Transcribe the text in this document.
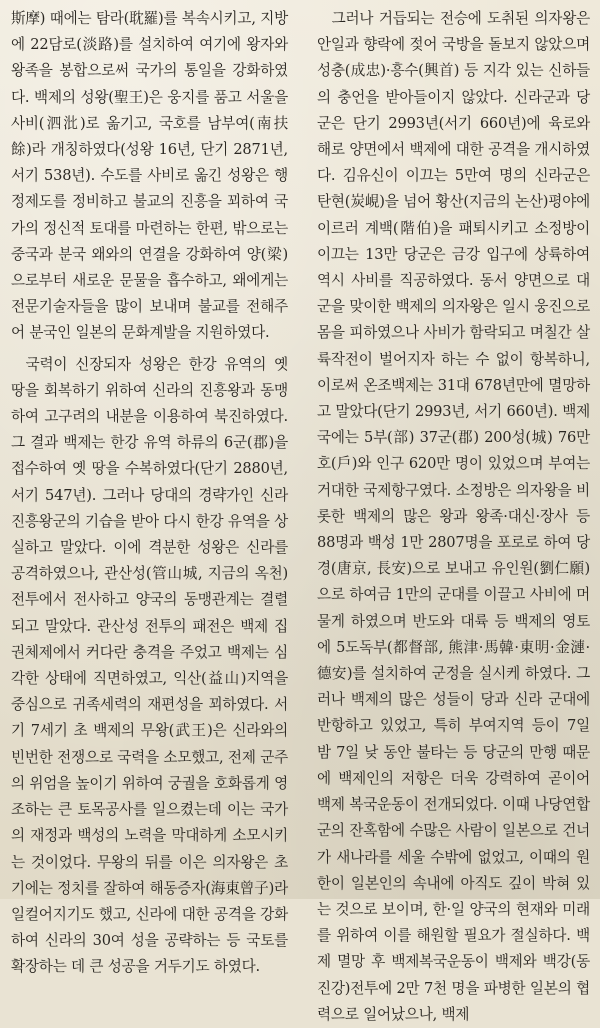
斯摩) 때에는 탐라(耽羅)를 복속시키고, 지방에 22담로(淡路)를 설치하여 여기에 왕자와 왕족을 봉합으로써 국가의 통일을 강화하였다. 백제의 성왕(聖王)은 웅지를 품고 서울을 사비(泗沘)로 옮기고, 국호를 남부여(南扶餘)라 개칭하였다(성왕 16년, 단기 2871년, 서기 538년). 수도를 사비로 옮긴 성왕은 행정제도를 정비하고 불교의 진흥을 꾀하여 국가의 정신적 토대를 마련하는 한편, 밖으로는 중국과 분국 왜와의 연결을 강화하여 양(梁)으로부터 새로운 문물을 흡수하고, 왜에게는 전문기술자들을 많이 보내며 불교를 전해주어 분국인 일본의 문화계발을 지원하였다.

국력이 신장되자 성왕은 한강 유역의 옛 땅을 회복하기 위하여 신라의 진흥왕과 동맹하여 고구려의 내분을 이용하여 북진하였다. 그 결과 백제는 한강 유역 하류의 6군(郡)을 접수하여 옛 땅을 수복하였다(단기 2880년, 서기 547년). 그러나 당대의 경략가인 신라 진흥왕군의 기습을 받아 다시 한강 유역을 상실하고 말았다. 이에 격분한 성왕은 신라를 공격하였으나, 관산성(管山城, 지금의 옥천)전투에서 전사하고 양국의 동맹관계는 결렬되고 말았다. 관산성 전투의 패전은 백제 집권체제에서 커다란 충격을 주었고 백제는 심각한 상태에 직면하였고, 익산(益山)지역을 중심으로 귀족세력의 재편성을 꾀하였다. 서기 7세기 초 백제의 무왕(武王)은 신라와의 빈번한 전쟁으로 국력을 소모했고, 전제 군주의 위엄을 높이기 위하여 궁궐을 호화롭게 영조하는 큰 토목공사를 일으켰는데 이는 국가의 재정과 백성의 노력을 막대하게 소모시키는 것이었다. 무왕의 뒤를 이은 의자왕은 초기에는 정치를 잘하여 해동증자(海東曾子)라 일컬어지기도 했고, 신라에 대한 공격을 강화하여 신라의 30여 성을 공략하는 등 국토를 확장하는 데 큰 성공을 거두기도 하였다.

그러나 거듭되는 전승에 도취된 의자왕은 안일과 향락에 젖어 국방을 돌보지 않았으며 성충(成忠)·흥수(興首) 등 지각 있는 신하들의 충언을 받아들이지 않았다. 신라군과 당군은 단기 2993년(서기 660년)에 육로와 해로 양면에서 백제에 대한 공격을 개시하였다. 김유신이 이끄는 5만여 명의 신라군은 탄현(炭峴)을 넘어 황산(지금의 논산)평야에 이르러 계백(階伯)을 패퇴시키고 소정방이 이끄는 13만 당군은 금강 입구에 상륙하여 역시 사비를 직공하였다. 동서 양면으로 대군을 맞이한 백제의 의자왕은 일시 웅진으로 몸을 피하였으나 사비가 함락되고 며칠간 살륙작전이 벌어지자 하는 수 없이 항복하니, 이로써 온조백제는 31대 678년만에 멸망하고 말았다(단기 2993년, 서기 660년). 백제국에는 5부(部) 37군(郡) 200성(城) 76만호(戶)와 인구 620만 명이 있었으며 부여는 거대한 국제항구였다. 소정방은 의자왕을 비롯한 백제의 많은 왕과 왕족·대신·장사 등 88명과 백성 1만 2807명을 포로로 하여 당경(唐京, 長安)으로 보내고 유인원(劉仁願)으로 하여금 1만의 군대를 이끌고 사비에 머물게 하였으며 반도와 대륙 등 백제의 영토에 5도독부(都督部, 熊津·馬韓·東明·金漣·德安)를 설치하여 군정을 실시케 하였다. 그러나 백제의 많은 성들이 당과 신라 군대에 반항하고 있었고, 특히 부여지역 등이 7일 밤 7일 낮 동안 불타는 등 당군의 만행 때문에 백제인의 저항은 더욱 강력하여 곧이어 백제 복국운동이 전개되었다. 이때 나당연합군의 잔혹함에 수많은 사람이 일본으로 건너가 새나라를 세울 수밖에 없었고, 이때의 원한이 일본인의 속내에 아직도 깊이 박혀 있는 것으로 보이며, 한·일 양국의 현재와 미래를 위하여 이를 해원할 필요가 절실하다. 백제 멸망 후 백제복국운동이 백제와 백강(동진강)전투에 2만 7천 명을 파병한 일본의 협력으로 일어났으나, 백제
